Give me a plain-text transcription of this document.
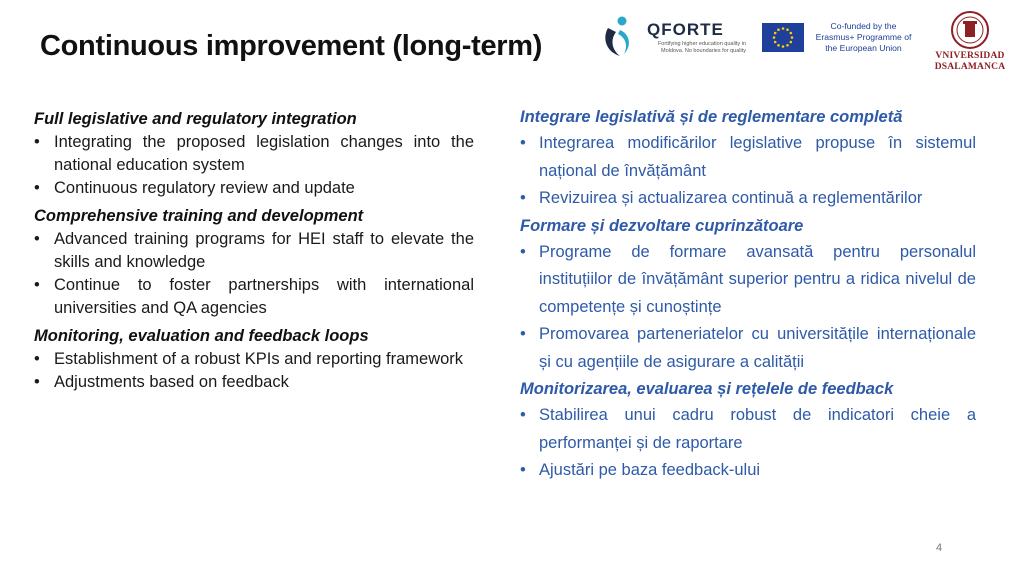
Continuous improvement (long-term)
QFORTE
Fortifying higher education quality in Moldova. No boundaries for quality
Co-funded by the Erasmus+ Programme of the European Union
VNIVERSIDAD
DSALAMANCA
Full legislative and regulatory integration
• Integrating the proposed legislation changes into the national education system
• Continuous regulatory review and update
Comprehensive training and development
• Advanced training programs for HEI staff to elevate the skills and knowledge
• Continue to foster partnerships with international universities and QA agencies
Monitoring, evaluation and feedback loops
• Establishment of a robust KPIs and reporting framework
• Adjustments based on feedback
Integrare legislativă și de reglementare completă
• Integrarea modificărilor legislative propuse în sistemul național de învățământ
• Revizuirea și actualizarea continuă a reglementărilor
Formare și dezvoltare cuprinzătoare
• Programe de formare avansată pentru personalul instituțiilor de învățământ superior pentru a ridica nivelul de competențe și cunoștințe
• Promovarea parteneriatelor cu universitățile internaționale și cu agențiile de asigurare a calității
Monitorizarea, evaluarea și rețelele de feedback
• Stabilirea unui cadru robust de indicatori cheie a performanței și de raportare
• Ajustări pe baza feedback-ului
4
